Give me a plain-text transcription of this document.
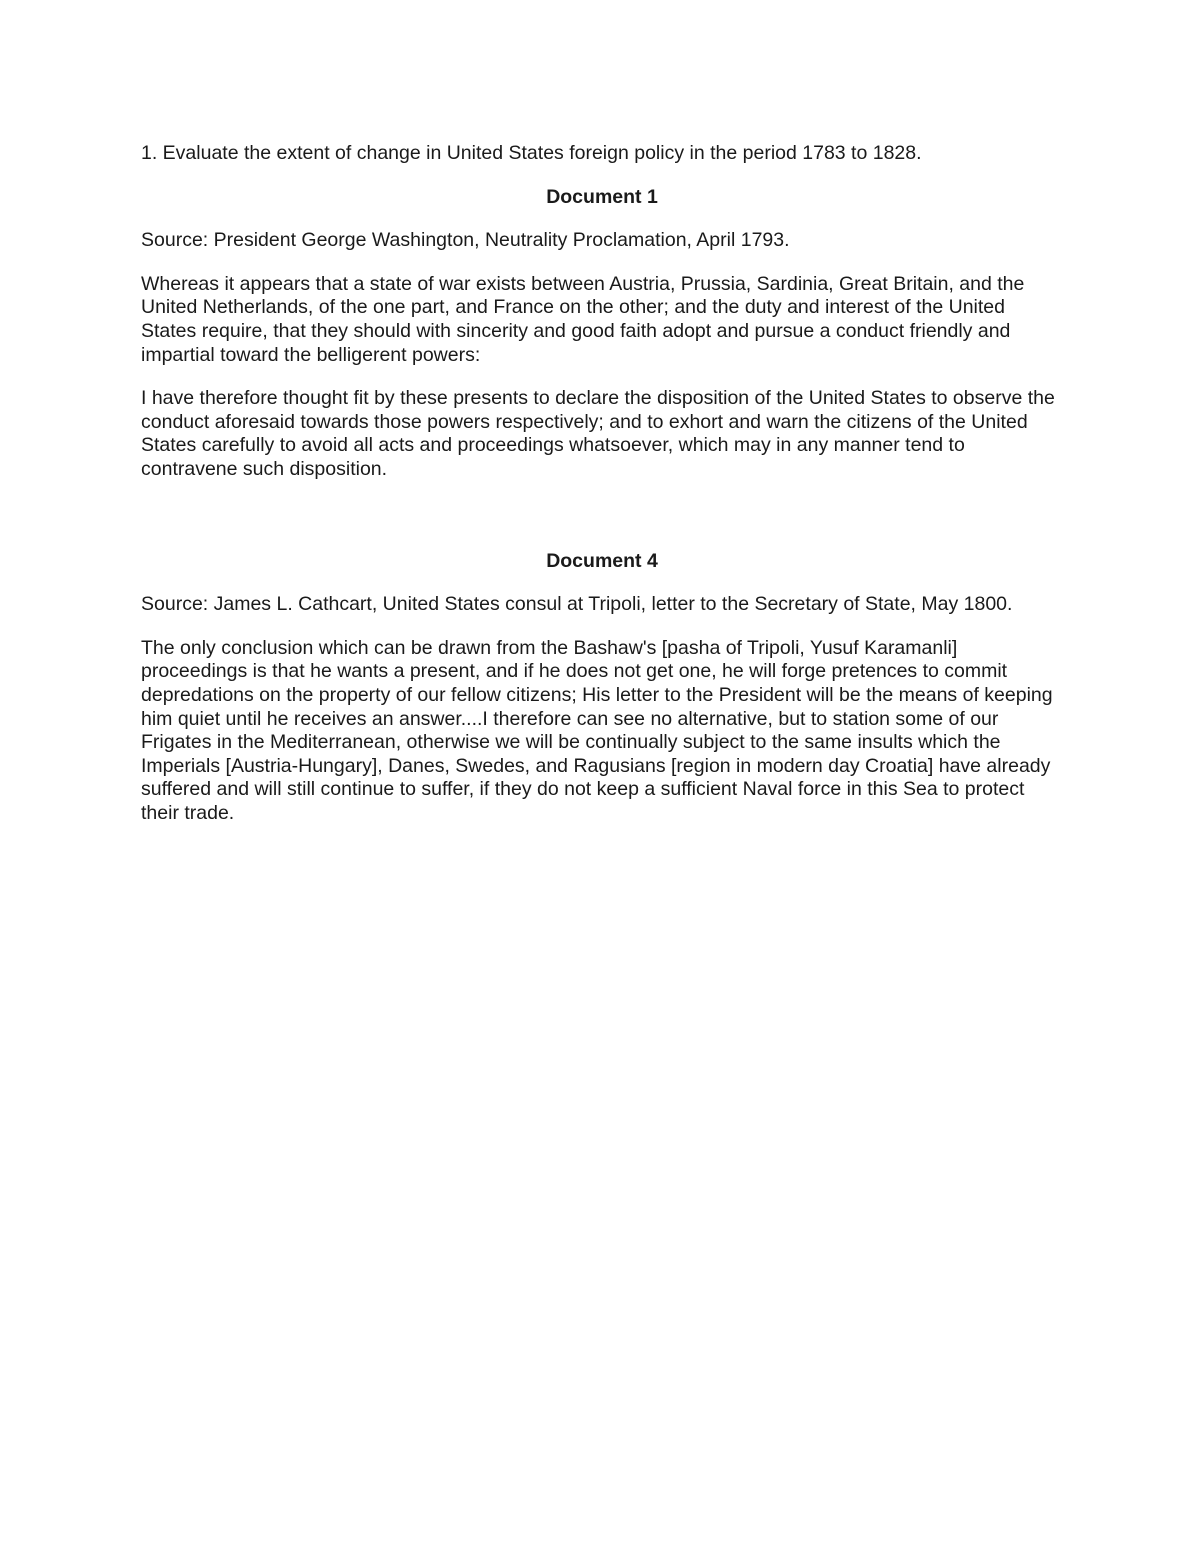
1. Evaluate the extent of change in United States foreign policy in the period 1783 to 1828.

Document 1

Source: President George Washington, Neutrality Proclamation, April 1793.

Whereas it appears that a state of war exists between Austria, Prussia, Sardinia, Great Britain, and the United Netherlands, of the one part, and France on the other; and the duty and interest of the United States require, that they should with sincerity and good faith adopt and pursue a conduct friendly and impartial toward the belligerent powers:

I have therefore thought fit by these presents to declare the disposition of the United States to observe the conduct aforesaid towards those powers respectively; and to exhort and warn the citizens of the United States carefully to avoid all acts and proceedings whatsoever, which may in any manner tend to contravene such disposition.

Document 4

Source: James L. Cathcart, United States consul at Tripoli, letter to the Secretary of State, May 1800.

The only conclusion which can be drawn from the Bashaw's [pasha of Tripoli, Yusuf Karamanli] proceedings is that he wants a present, and if he does not get one, he will forge pretences to commit depredations on the property of our fellow citizens; His letter to the President will be the means of keeping him quiet until he receives an answer....I therefore can see no alternative, but to station some of our Frigates in the Mediterranean, otherwise we will be continually subject to the same insults which the Imperials [Austria-Hungary], Danes, Swedes, and Ragusians [region in modern day Croatia] have already suffered and will still continue to suffer, if they do not keep a sufficient Naval force in this Sea to protect their trade.
